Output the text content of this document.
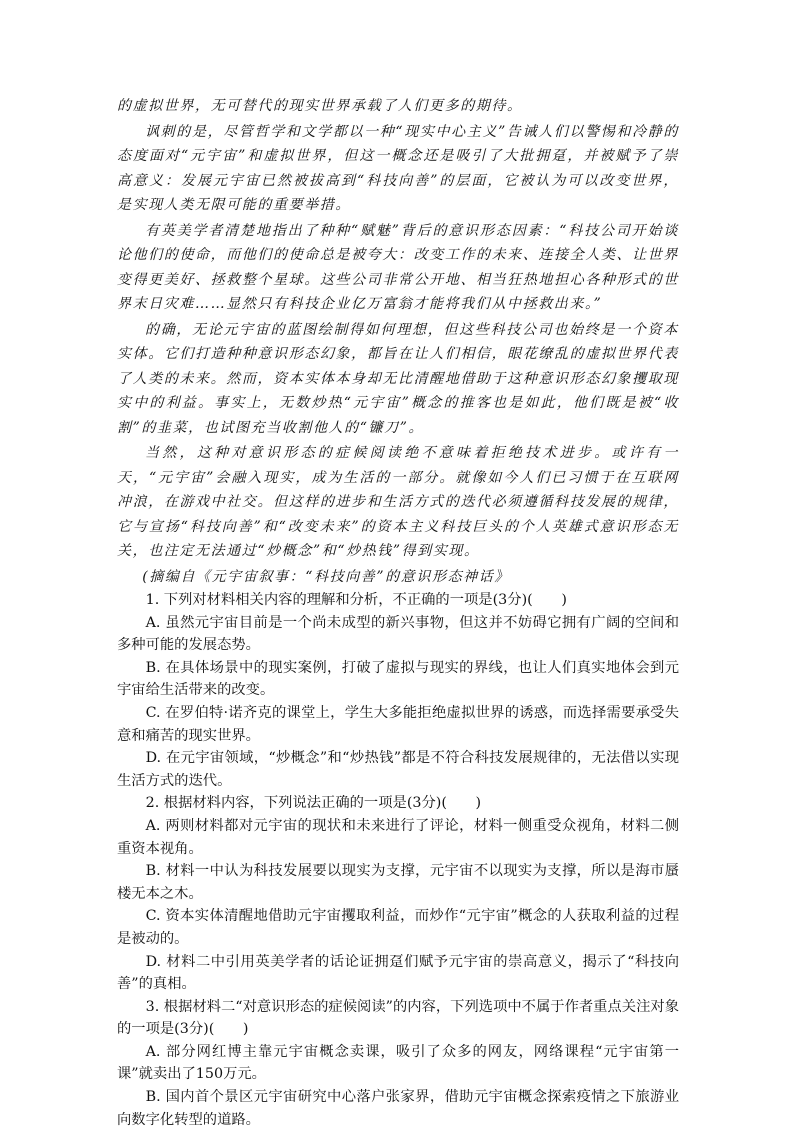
的虚拟世界，无可替代的现实世界承载了人们更多的期待。

讽刺的是，尽管哲学和文学都以一种“现实中心主义”告诫人们以警惕和冷静的态度面对“元宇宙”和虚拟世界，但这一概念还是吸引了大批拥趸，并被赋予了崇高意义：发展元宇宙已然被拔高到“科技向善”的层面，它被认为可以改变世界，是实现人类无限可能的重要举措。

有英美学者清楚地指出了种种“赋魅”背后的意识形态因素：“科技公司开始谈论他们的使命，而他们的使命总是被夸大：改变工作的未来、连接全人类、让世界变得更美好、拯救整个星球。这些公司非常公开地、相当狂热地担心各种形式的世界末日灾难……显然只有科技企业亿万富翁才能将我们从中拯救出来。”

的确，无论元宇宙的蓝图绘制得如何理想，但这些科技公司也始终是一个资本实体。它们打造种种意识形态幻象，都旨在让人们相信，眼花缭乱的虚拟世界代表了人类的未来。然而，资本实体本身却无比清醒地借助于这种意识形态幻象攫取现实中的利益。事实上，无数炒热“元宇宙”概念的推客也是如此，他们既是被“收割”的韭菜，也试图充当收割他人的“镰刀”。

当然，这种对意识形态的症候阅读绝不意味着拒绝技术进步。或许有一天，“元宇宙”会融入现实，成为生活的一部分。就像如今人们已习惯于在互联网冲浪，在游戏中社交。但这样的进步和生活方式的迭代必须遵循科技发展的规律，它与宣扬“科技向善”和“改变未来”的资本主义科技巨头的个人英雄式意识形态无关，也注定无法通过“炒概念”和“炒热钱”得到实现。

(摘编自《元宇宙叙事：“科技向善”的意识形态神话》

1. 下列对材料相关内容的理解和分析，不正确的一项是(3分)(　　)

A. 虽然元宇宙目前是一个尚未成型的新兴事物，但这并不妨碍它拥有广阔的空间和多种可能的发展态势。

B. 在具体场景中的现实案例，打破了虚拟与现实的界线，也让人们真实地体会到元宇宙给生活带来的改变。

C. 在罗伯特·诺齐克的课堂上，学生大多能拒绝虚拟世界的诱惑，而选择需要承受失意和痛苦的现实世界。

D. 在元宇宙领域，“炒概念”和“炒热钱”都是不符合科技发展规律的，无法借以实现生活方式的迭代。

2. 根据材料内容，下列说法正确的一项是(3分)(　　)

A. 两则材料都对元宇宙的现状和未来进行了评论，材料一侧重受众视角，材料二侧重资本视角。

B. 材料一中认为科技发展要以现实为支撑，元宇宙不以现实为支撑，所以是海市蜃楼无本之木。

C. 资本实体清醒地借助元宇宙攫取利益，而炒作“元宇宙”概念的人获取利益的过程是被动的。

D. 材料二中引用英美学者的话论证拥趸们赋予元宇宙的崇高意义，揭示了“科技向善”的真相。

3. 根据材料二“对意识形态的症候阅读”的内容，下列选项中不属于作者重点关注对象的一项是(3分)(　　)

A. 部分网红博主靠元宇宙概念卖课，吸引了众多的网友，网络课程“元宇宙第一课”就卖出了150万元。

B. 国内首个景区元宇宙研究中心落户张家界，借助元宇宙概念探索疫情之下旅游业向数字化转型的道路。
